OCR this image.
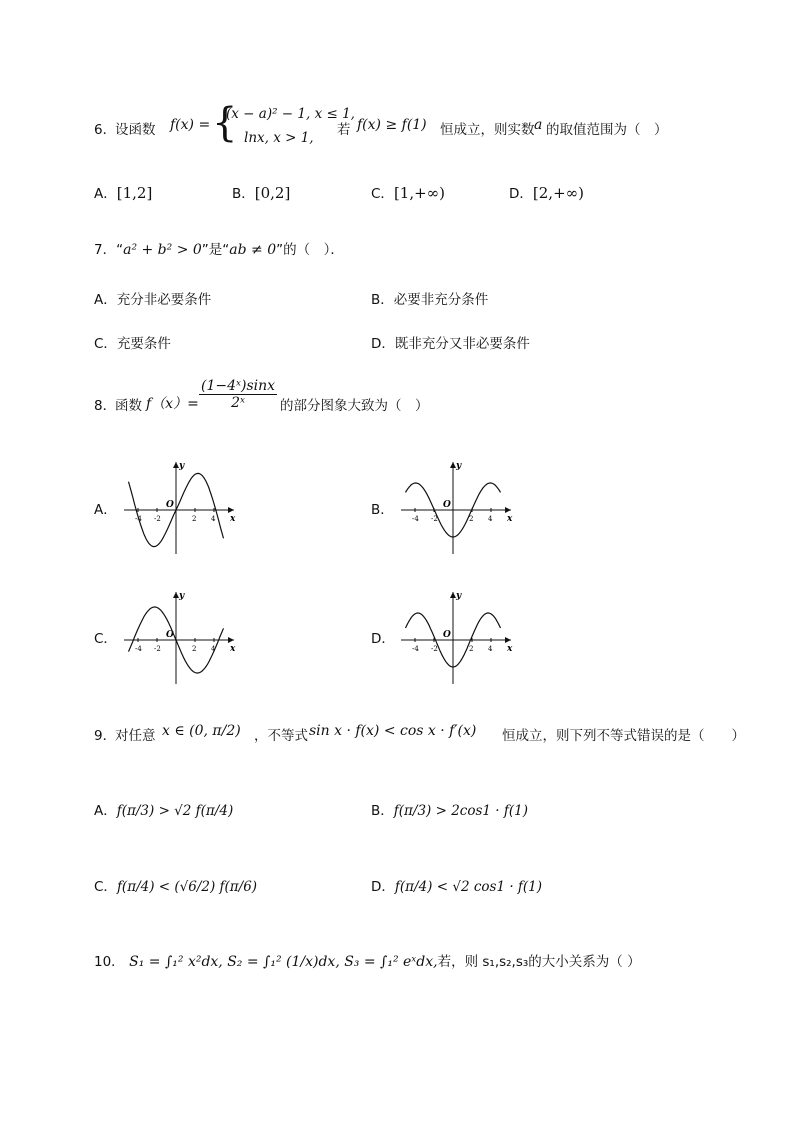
6．
设函数 f(x) = {
(x − a)² − 1, x ≤ 1,
lnx, x > 1, 若 f(x) ≥ f(1) 恒成立，则实数 a 的取值范围为（　）
A．[1,2]	B．[0,2]	C．[1,+∞)	D．[2,+∞)
7．“a² + b² > 0”是“ab ≠ 0”的（　）．
A．充分非必要条件	B．必要非充分条件
C．充要条件	D．既非充分又非必要条件
8．
函数 $f(x)= \frac{\text{(1−4ˣ)sinx}}{\text{2ˣ}}$ 的部分图象大致为（　）
A．	B．
C．	D．
-4 -2	2 4
y
x
O
-4 -2	2 4
y
x
O
-4 -2	2 4
y
x
O
-4 -2	2 4
y
x
O
9．
对任意 x ∈ (0, π/2) ，不等式 sin x · f(x) < cos x · f′(x) 恒成立，则下列不等式错误的是（　　）
A．f(π/3) > √2 f(π/4)	B．f(π/3) > 2cos1 · f(1)
C．f(π/4) < (√6/2) f(π/6)	D．f(π/4) < √2 cos1 · f(1)
10． S₁ = ∫₁² x²dx, S₂ = ∫₁² (1/x)dx, S₃ = ∫₁² eˣdx,若，则 s₁,s₂,s₃的大小关系为（ ）
